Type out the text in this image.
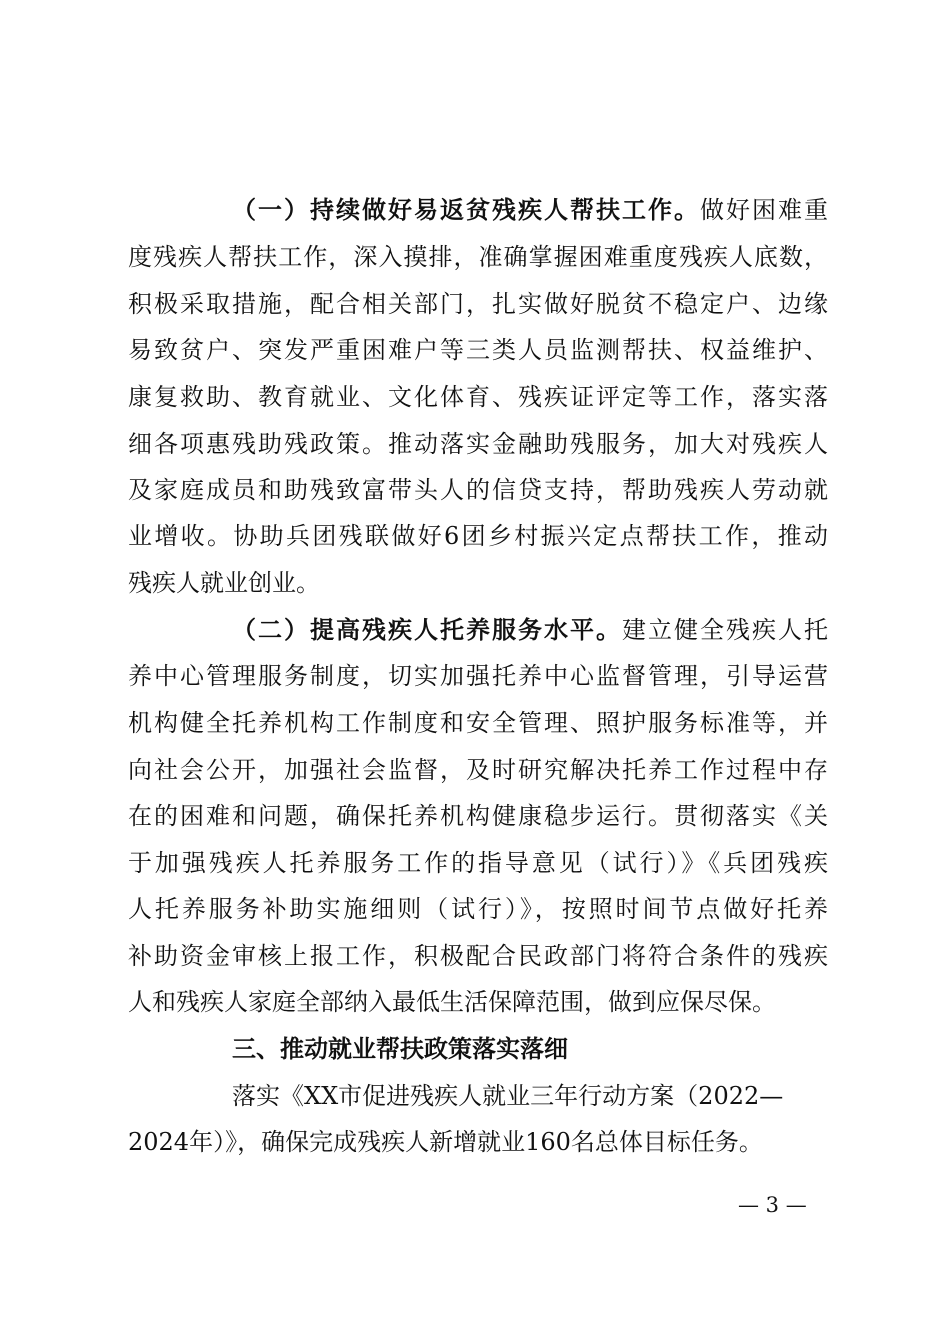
（一）持续做好易返贫残疾人帮扶工作。做好困难重
度残疾人帮扶工作，深入摸排，准确掌握困难重度残疾人底数，
积极采取措施，配合相关部门，扎实做好脱贫不稳定户、边缘
易致贫户、突发严重困难户等三类人员监测帮扶、权益维护、
康复救助、教育就业、文化体育、残疾证评定等工作，落实落
细各项惠残助残政策。推动落实金融助残服务，加大对残疾人
及家庭成员和助残致富带头人的信贷支持，帮助残疾人劳动就
业增收。协助兵团残联做好6团乡村振兴定点帮扶工作，推动
残疾人就业创业。
（二）提高残疾人托养服务水平。建立健全残疾人托
养中心管理服务制度，切实加强托养中心监督管理，引导运营
机构健全托养机构工作制度和安全管理、照护服务标准等，并
向社会公开，加强社会监督，及时研究解决托养工作过程中存
在的困难和问题，确保托养机构健康稳步运行。贯彻落实《关
于加强残疾人托养服务工作的指导意见（试行）》《兵团残疾
人托养服务补助实施细则（试行）》，按照时间节点做好托养
补助资金审核上报工作，积极配合民政部门将符合条件的残疾
人和残疾人家庭全部纳入最低生活保障范围，做到应保尽保。
三、推动就业帮扶政策落实落细
落实《XX市促进残疾人就业三年行动方案（2022—
2024年）》，确保完成残疾人新增就业160名总体目标任务。
— 3 —
